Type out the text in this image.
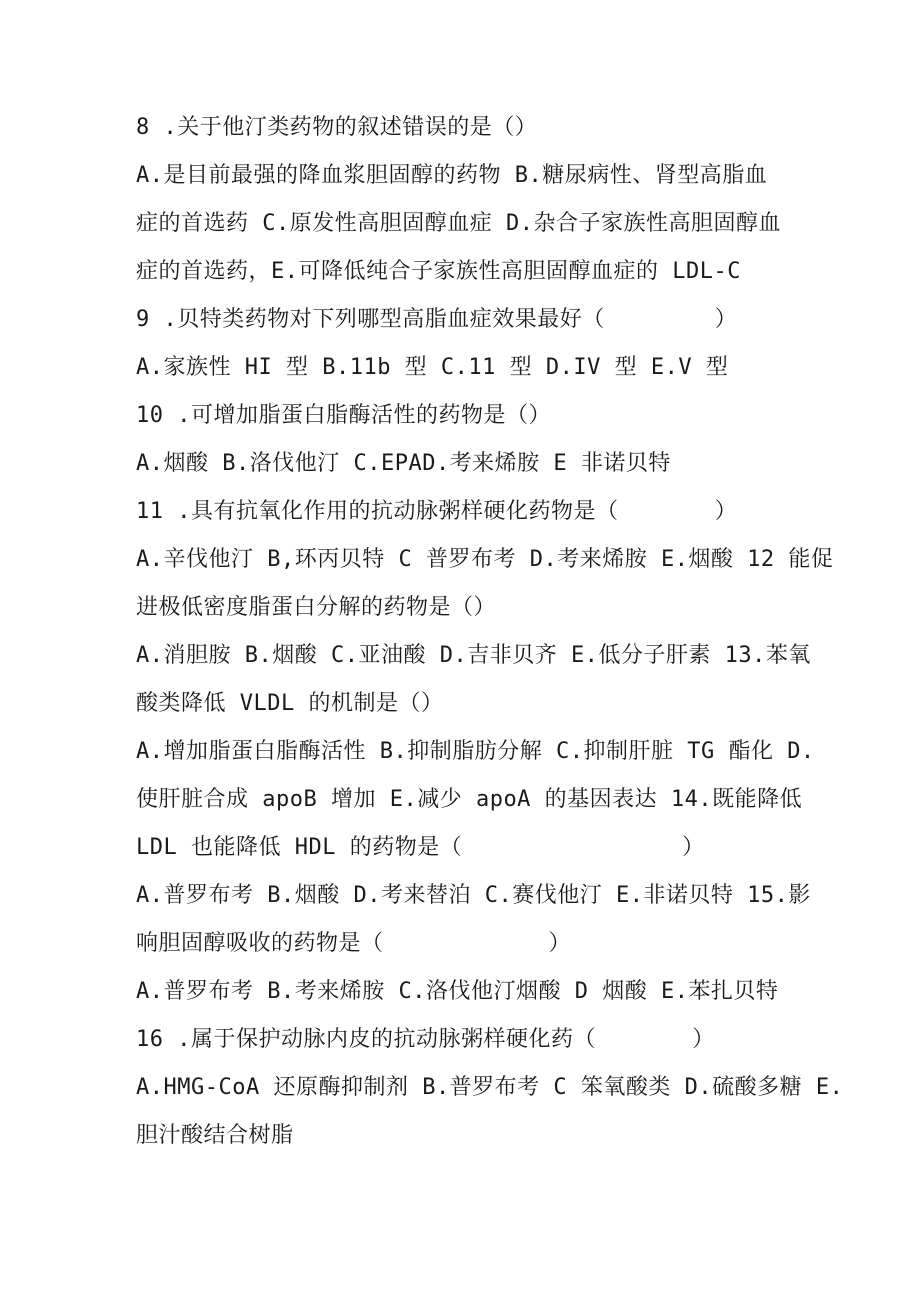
8 .关于他汀类药物的叙述错误的是（）
A.是目前最强的降血浆胆固醇的药物 B.糖尿病性、肾型高脂血
症的首选药 C.原发性高胆固醇血症 D.杂合子家族性高胆固醇血
症的首选药，E.可降低纯合子家族性高胆固醇血症的 LDL-C
9 .贝特类药物对下列哪型高脂血症效果最好（        ）
A.家族性 HI 型 B.11b 型 C.11 型 D.IV 型 E.V 型
10 .可增加脂蛋白脂酶活性的药物是（）
A.烟酸 B.洛伐他汀 C.EPAD.考来烯胺 E 非诺贝特
11 .具有抗氧化作用的抗动脉粥样硬化药物是（       ）
A.辛伐他汀 B,环丙贝特 C 普罗布考 D.考来烯胺 E.烟酸 12 能促
进极低密度脂蛋白分解的药物是（）
A.消胆胺 B.烟酸 C.亚油酸 D.吉非贝齐 E.低分子肝素 13.苯氧
酸类降低 VLDL 的机制是（）
A.增加脂蛋白脂酶活性 B.抑制脂肪分解 C.抑制肝脏 TG 酯化 D.
使肝脏合成 apoB 增加 E.减少 apoA 的基因表达 14.既能降低
LDL 也能降低 HDL 的药物是（                ）
A.普罗布考 B.烟酸 D.考来替泊 C.赛伐他汀 E.非诺贝特 15.影
响胆固醇吸收的药物是（            ）
A.普罗布考 B.考来烯胺 C.洛伐他汀烟酸 D 烟酸 E.苯扎贝特
16 .属于保护动脉内皮的抗动脉粥样硬化药（       ）
A.HMG-CoA 还原酶抑制剂 B.普罗布考 C 笨氧酸类 D.硫酸多糖 E.
胆汁酸结合树脂
